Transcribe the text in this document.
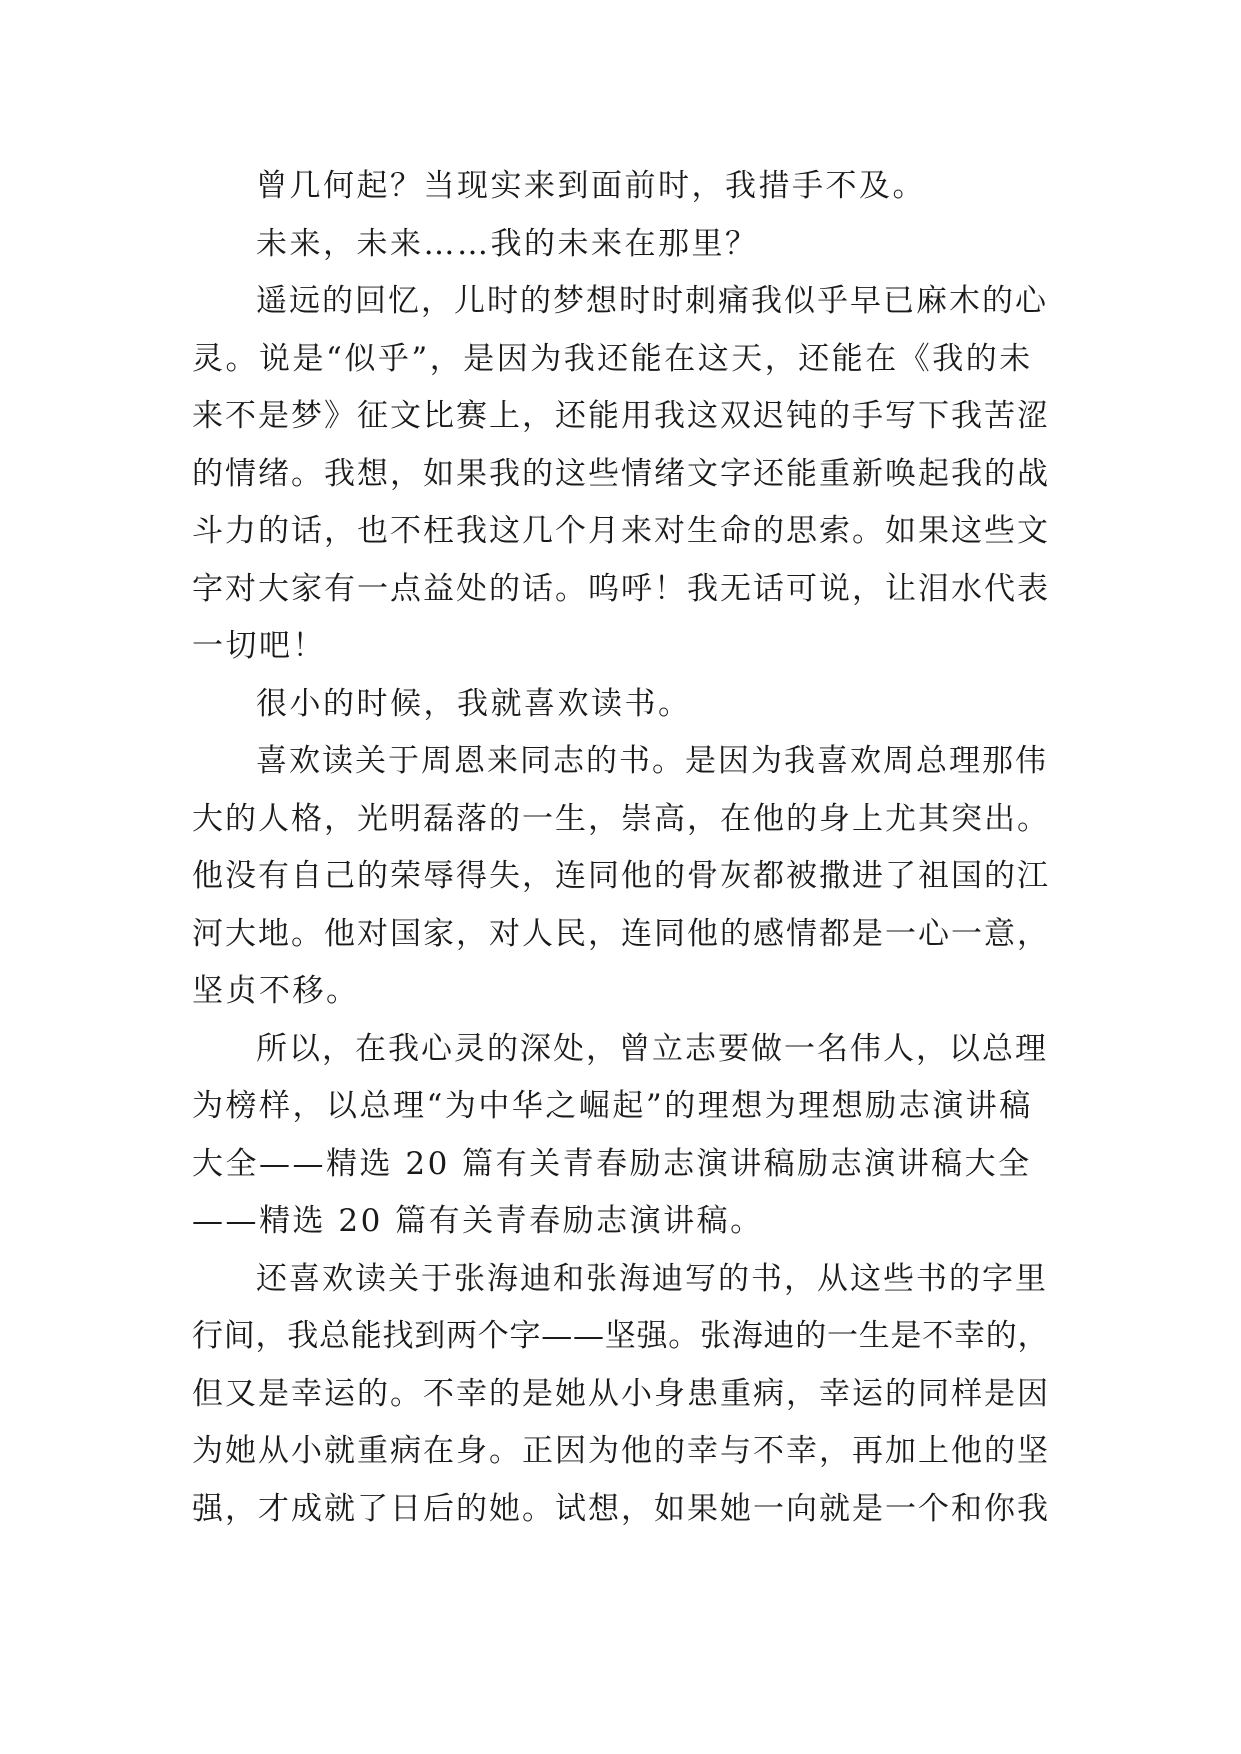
曾几何起？当现实来到面前时，我措手不及。
未来，未来……我的未来在那里？
遥远的回忆，儿时的梦想时时刺痛我似乎早已麻木的心
灵。说是“似乎”，是因为我还能在这天，还能在《我的未
来不是梦》征文比赛上，还能用我这双迟钝的手写下我苦涩
的情绪。我想，如果我的这些情绪文字还能重新唤起我的战
斗力的话，也不枉我这几个月来对生命的思索。如果这些文
字对大家有一点益处的话。呜呼！我无话可说，让泪水代表
一切吧！
很小的时候，我就喜欢读书。
喜欢读关于周恩来同志的书。是因为我喜欢周总理那伟
大的人格，光明磊落的一生，崇高，在他的身上尤其突出。
他没有自己的荣辱得失，连同他的骨灰都被撒进了祖国的江
河大地。他对国家，对人民，连同他的感情都是一心一意，
坚贞不移。
所以，在我心灵的深处，曾立志要做一名伟人，以总理
为榜样，以总理“为中华之崛起”的理想为理想励志演讲稿
大全——精选 20 篇有关青春励志演讲稿励志演讲稿大全
——精选 20 篇有关青春励志演讲稿。
还喜欢读关于张海迪和张海迪写的书，从这些书的字里
行间，我总能找到两个字——坚强。张海迪的一生是不幸的，
但又是幸运的。不幸的是她从小身患重病，幸运的同样是因
为她从小就重病在身。正因为他的幸与不幸，再加上他的坚
强，才成就了日后的她。试想，如果她一向就是一个和你我
